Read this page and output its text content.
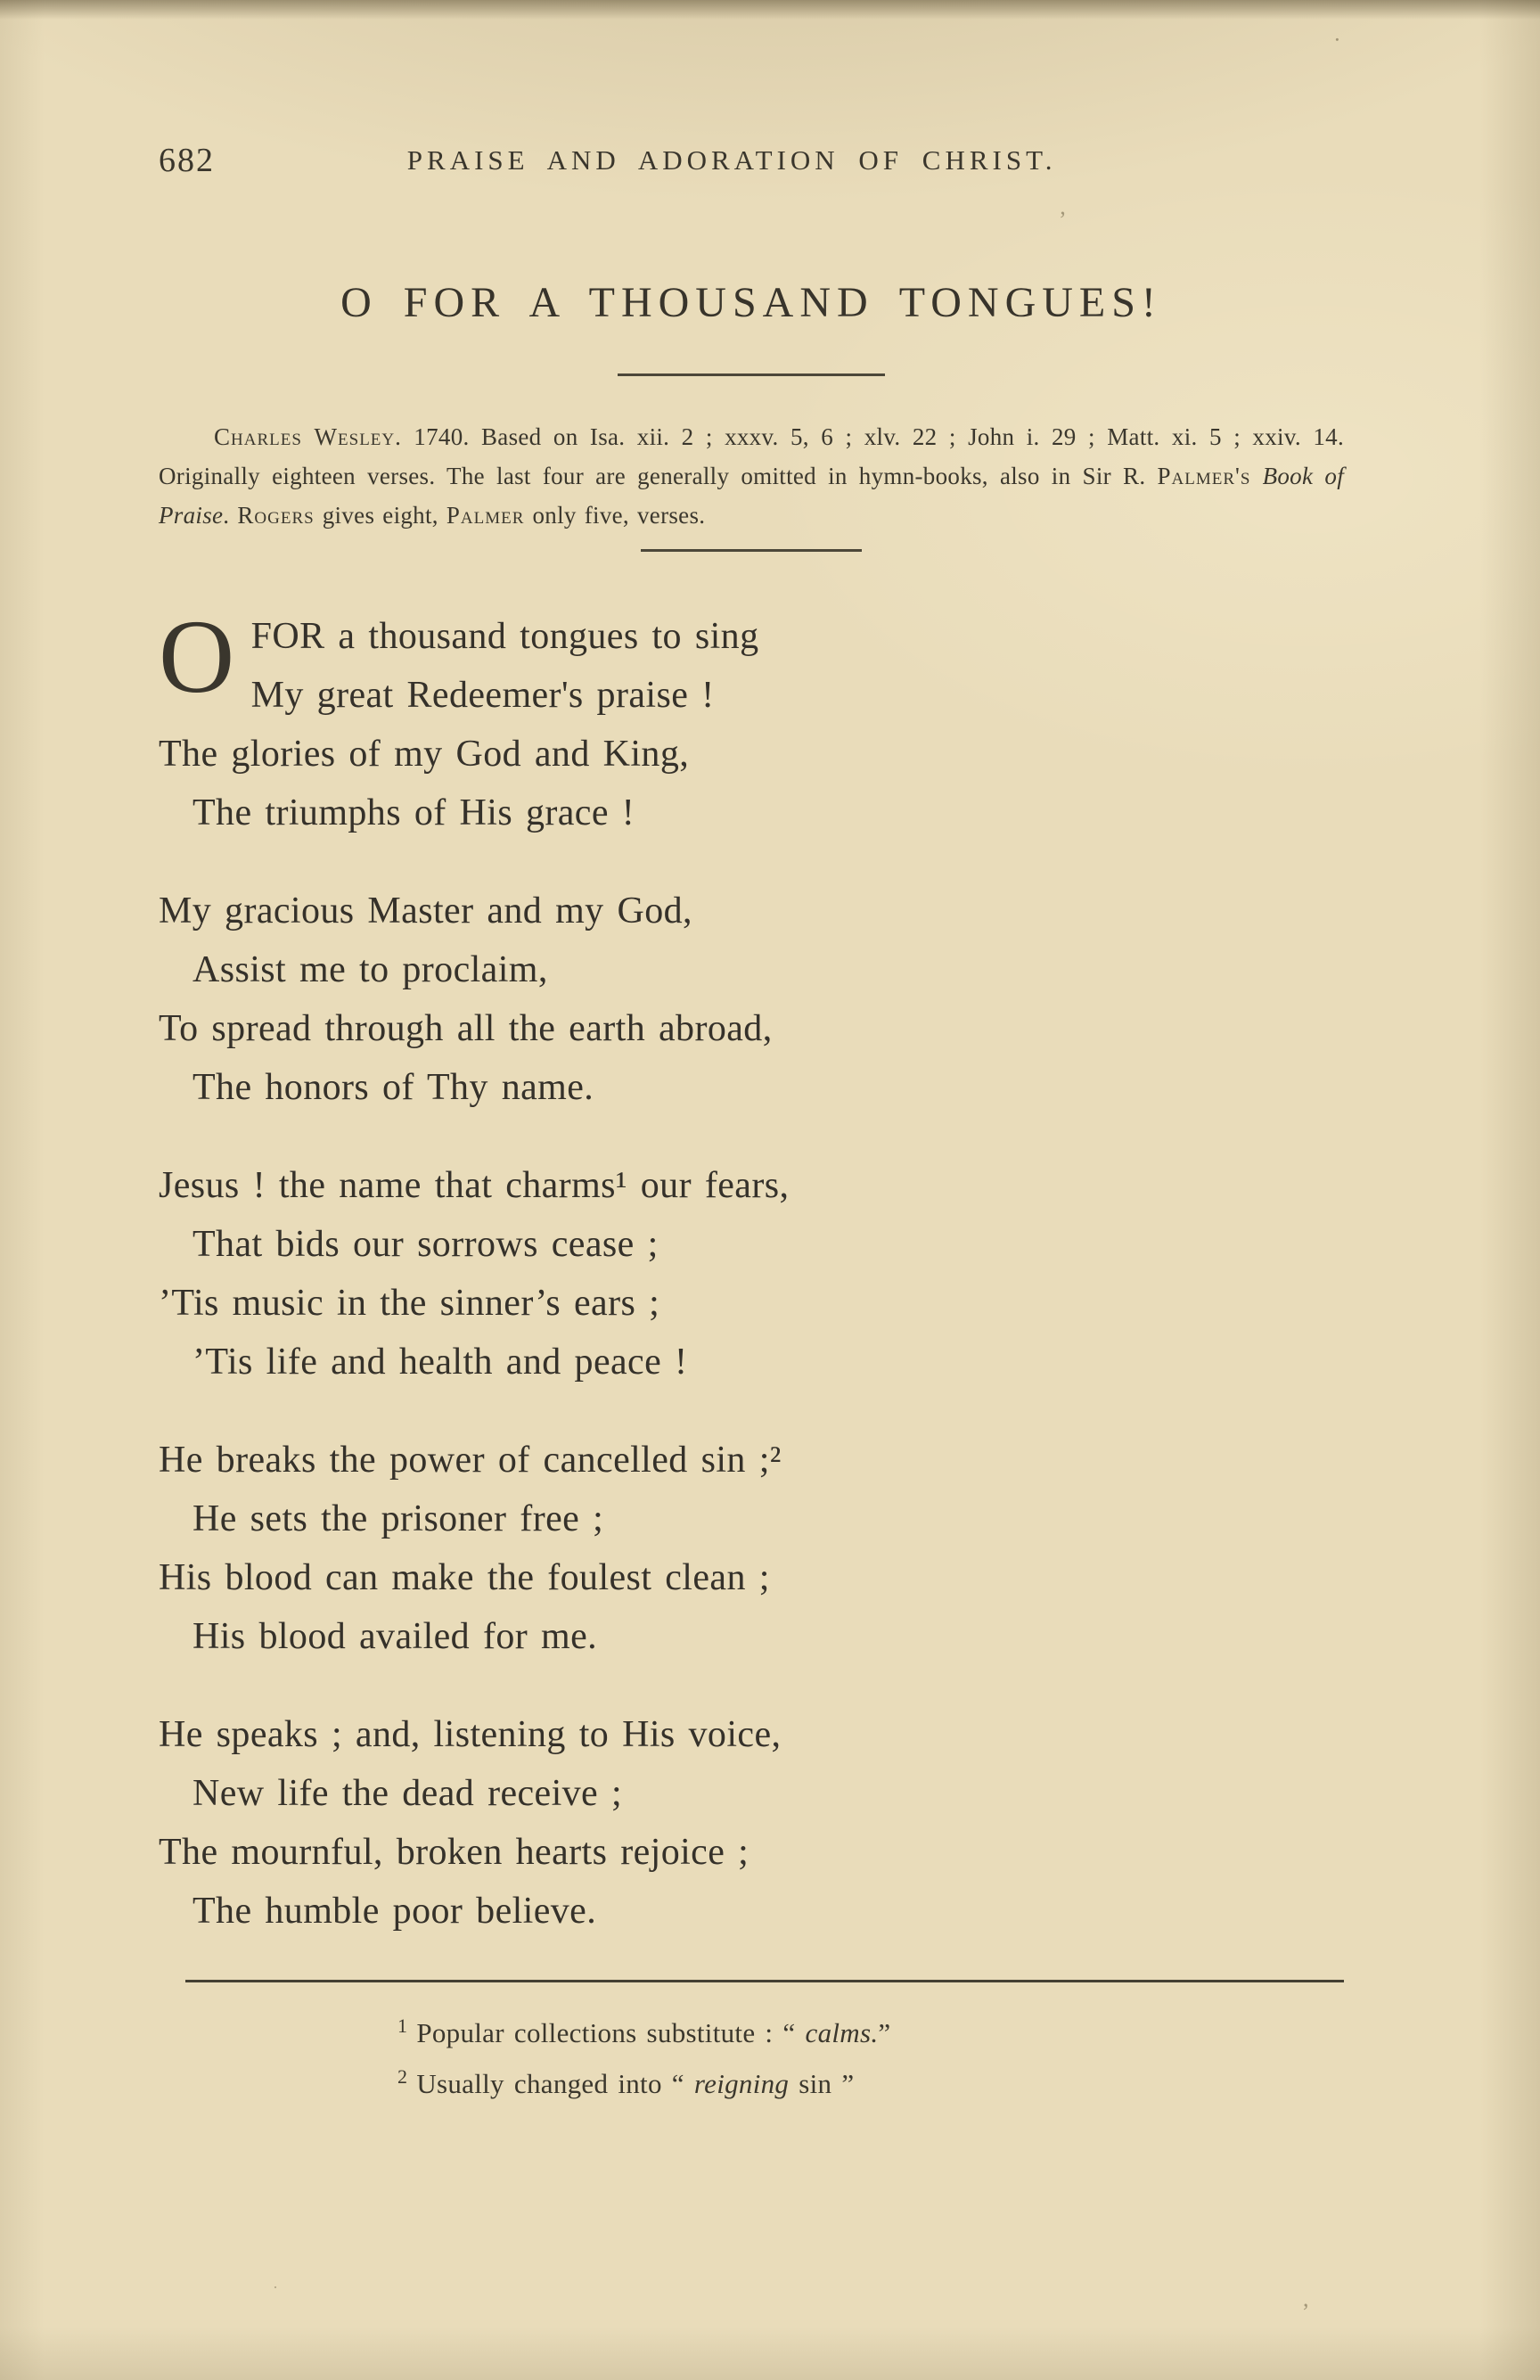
682	PRAISE AND ADORATION OF CHRIST.
O FOR A THOUSAND TONGUES!

Charles Wesley. 1740. Based on Isa. xii. 2 ; xxxv. 5, 6 ; xlv. 22 ; John i. 29 ; Matt. xi. 5 ; xxiv. 14. Originally eighteen verses. The last four are generally omitted in hymn-books, also in Sir R. Palmer's Book of Praise. Rogers gives eight, Palmer only five, verses.

O FOR a thousand tongues to sing
My great Redeemer's praise !
The glories of my God and King,
The triumphs of His grace !
My gracious Master and my God,
Assist me to proclaim,
To spread through all the earth abroad,
The honors of Thy name.
Jesus ! the name that charms¹ our fears,
That bids our sorrows cease ;
’Tis music in the sinner’s ears ;
’Tis life and health and peace !
He breaks the power of cancelled sin ;²
He sets the prisoner free ;
His blood can make the foulest clean ;
His blood availed for me.
He speaks ; and, listening to His voice,
New life the dead receive ;
The mournful, broken hearts rejoice ;
The humble poor believe.
$^1$ Popular collections substitute : “ calms.”
$^2$ Usually changed into “ reigning sin ”
·
’
,
·
